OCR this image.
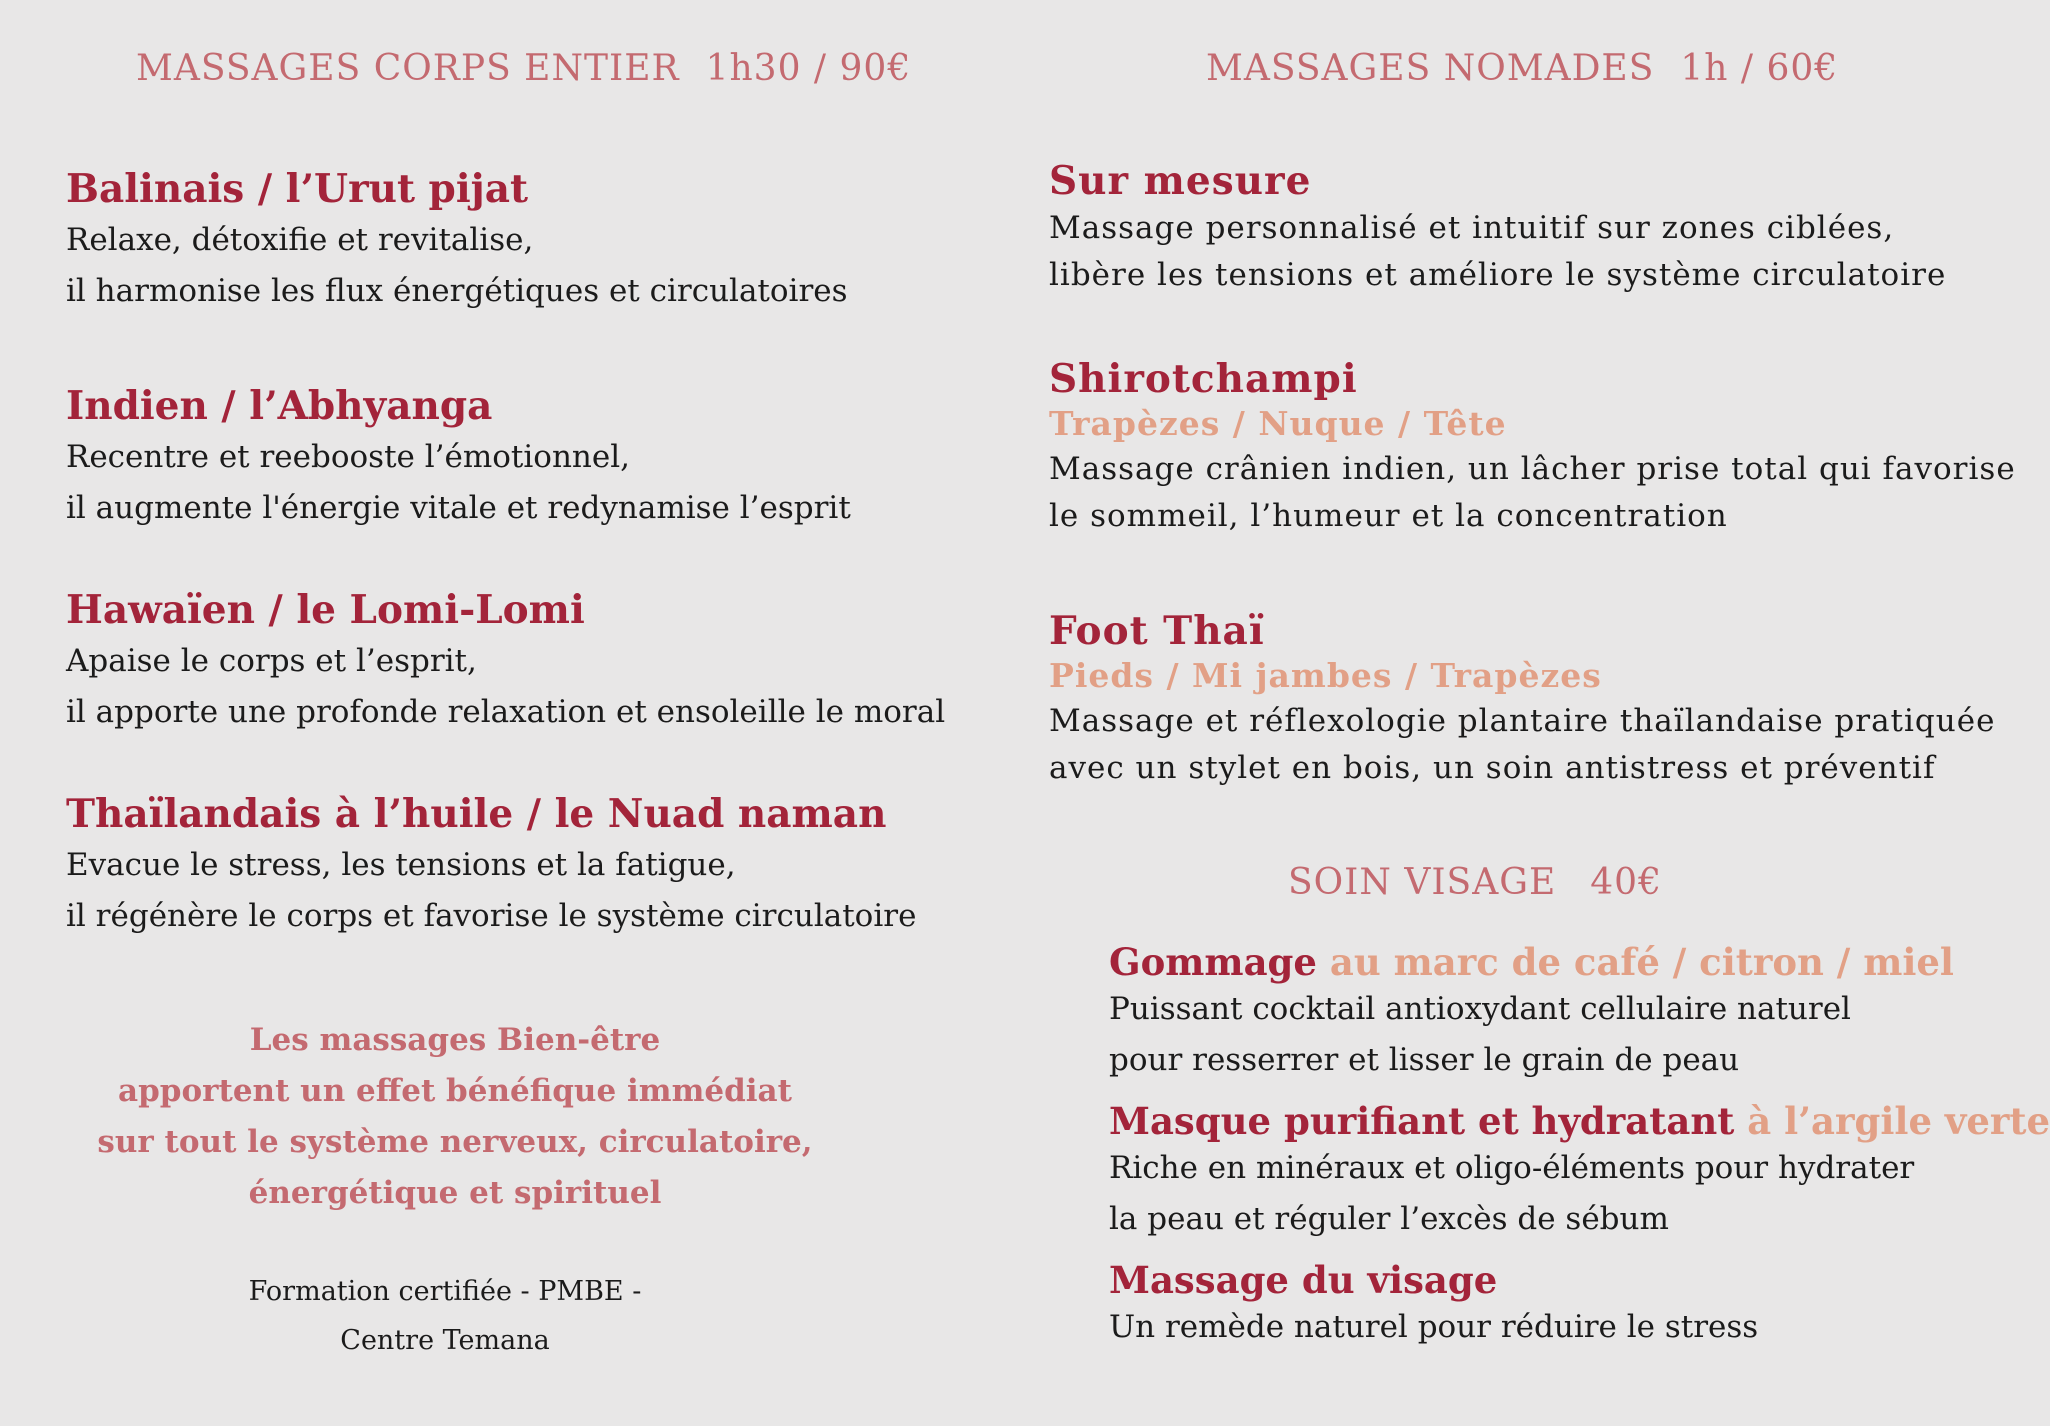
MASSAGES CORPS ENTIER 1h30 / 90€
Balinais / l’Urut pijat
Relaxe, détoxifie et revitalise,
il harmonise les flux énergétiques et circulatoires
Indien / l’Abhyanga
Recentre et reebooste l’émotionnel,
il augmente l'énergie vitale et redynamise l’esprit
Hawaïen / le Lomi-Lomi
Apaise le corps et l’esprit,
il apporte une profonde relaxation et ensoleille le moral
Thaïlandais à l’huile / le Nuad naman
Evacue le stress, les tensions et la fatigue,
il régénère le corps et favorise le système circulatoire
Les massages Bien-être
apportent un effet bénéfique immédiat
sur tout le système nerveux, circulatoire,
énergétique et spirituel
Formation certifiée - PMBE -
Centre Temana
MASSAGES NOMADES 1h / 60€
Sur mesure
Massage personnalisé et intuitif sur zones ciblées,
libère les tensions et améliore le système circulatoire
Shirotchampi
Trapèzes / Nuque / Tête
Massage crânien indien, un lâcher prise total qui favorise
le sommeil, l’humeur et la concentration
Foot Thaï
Pieds / Mi jambes / Trapèzes
Massage et réflexologie plantaire thaïlandaise pratiquée
avec un stylet en bois, un soin antistress et préventif
SOIN VISAGE 40€
Gommage au marc de café / citron / miel
Puissant cocktail antioxydant cellulaire naturel
pour resserrer et lisser le grain de peau
Masque purifiant et hydratant à l’argile verte
Riche en minéraux et oligo-éléments pour hydrater
la peau et réguler l’excès de sébum
Massage du visage
Un remède naturel pour réduire le stress
